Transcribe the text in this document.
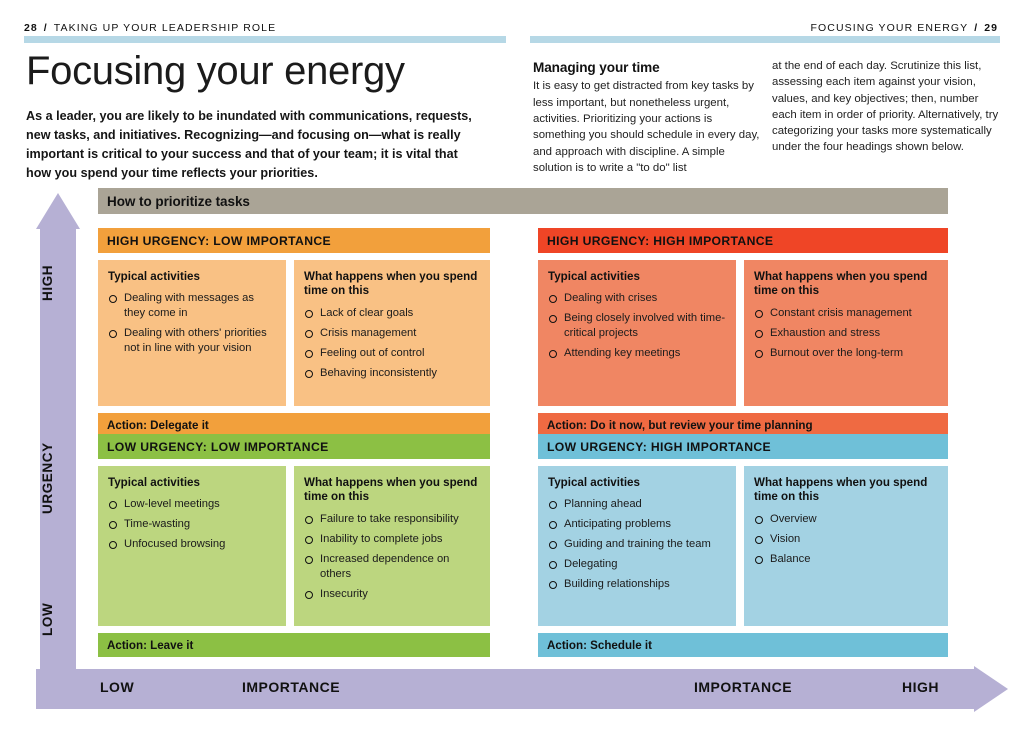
28 / TAKING UP YOUR LEADERSHIP ROLE	FOCUSING YOUR ENERGY / 29
Focusing your energy

As a leader, you are likely to be inundated with communications, requests, new tasks, and initiatives. Recognizing—and focusing on—what is really important is critical to your success and that of your team; it is vital that how you spend your time reflects your priorities.

Managing your time

It is easy to get distracted from key tasks by less important, but nonetheless urgent, activities. Prioritizing your actions is something you should schedule in every day, and approach with discipline. A simple solution is to write a "to do" list

at the end of each day. Scrutinize this list, assessing each item against your vision, values, and key objectives; then, number each item in order of priority. Alternatively, try categorizing your tasks more systematically under the four headings shown below.

HIGH
URGENCY
LOW
How to prioritize tasks
HIGH URGENCY: LOW IMPORTANCE
Typical activities
Dealing with messages as they come in
Dealing with others' priorities not in line with your vision
What happens when you spend time on this
Lack of clear goals
Crisis management
Feeling out of control
Behaving inconsistently
Action: Delegate it
HIGH URGENCY: HIGH IMPORTANCE
Typical activities
Dealing with crises
Being closely involved with time-critical projects
Attending key meetings
What happens when you spend time on this
Constant crisis management
Exhaustion and stress
Burnout over the long-term
Action: Do it now, but review your time planning
LOW URGENCY: LOW IMPORTANCE
Typical activities
Low-level meetings
Time-wasting
Unfocused browsing
What happens when you spend time on this
Failure to take responsibility
Inability to complete jobs
Increased dependence on others
Insecurity
Action: Leave it
LOW URGENCY: HIGH IMPORTANCE
Typical activities
Planning ahead
Anticipating problems
Guiding and training the team
Delegating
Building relationships
What happens when you spend time on this
Overview
Vision
Balance
Action: Schedule it
LOW	IMPORTANCE	IMPORTANCE	HIGH
